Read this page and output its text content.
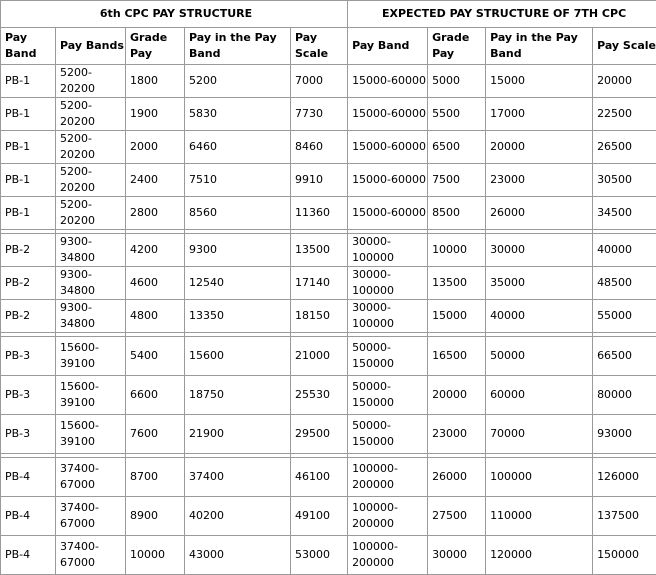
6th CPC PAY STRUCTURE					EXPECTED PAY STRUCTURE OF 7TH CPC			
Pay Band	Pay Bands	Grade Pay	Pay in the Pay Band	Pay Scale	Pay Band	Grade Pay	Pay in the Pay Band	Pay Scale
PB-1	5200-20200	1800	5200	7000	15000-60000	5000	15000	20000
PB-1	5200-20200	1900	5830	7730	15000-60000	5500	17000	22500
PB-1	5200-20200	2000	6460	8460	15000-60000	6500	20000	26500
PB-1	5200-20200	2400	7510	9910	15000-60000	7500	23000	30500
PB-1	5200-20200	2800	8560	11360	15000-60000	8500	26000	34500

PB-2	9300-34800	4200	9300	13500	30000-100000	10000	30000	40000
PB-2	9300-34800	4600	12540	17140	30000-100000	13500	35000	48500
PB-2	9300-34800	4800	13350	18150	30000-100000	15000	40000	55000

PB-3	15600-39100	5400	15600	21000	50000-150000	16500	50000	66500
PB-3	15600-39100	6600	18750	25530	50000-150000	20000	60000	80000
PB-3	15600-39100	7600	21900	29500	50000-150000	23000	70000	93000

PB-4	37400-67000	8700	37400	46100	100000-200000	26000	100000	126000
PB-4	37400-67000	8900	40200	49100	100000-200000	27500	110000	137500
PB-4	37400-67000	10000	43000	53000	100000-200000	30000	120000	150000
